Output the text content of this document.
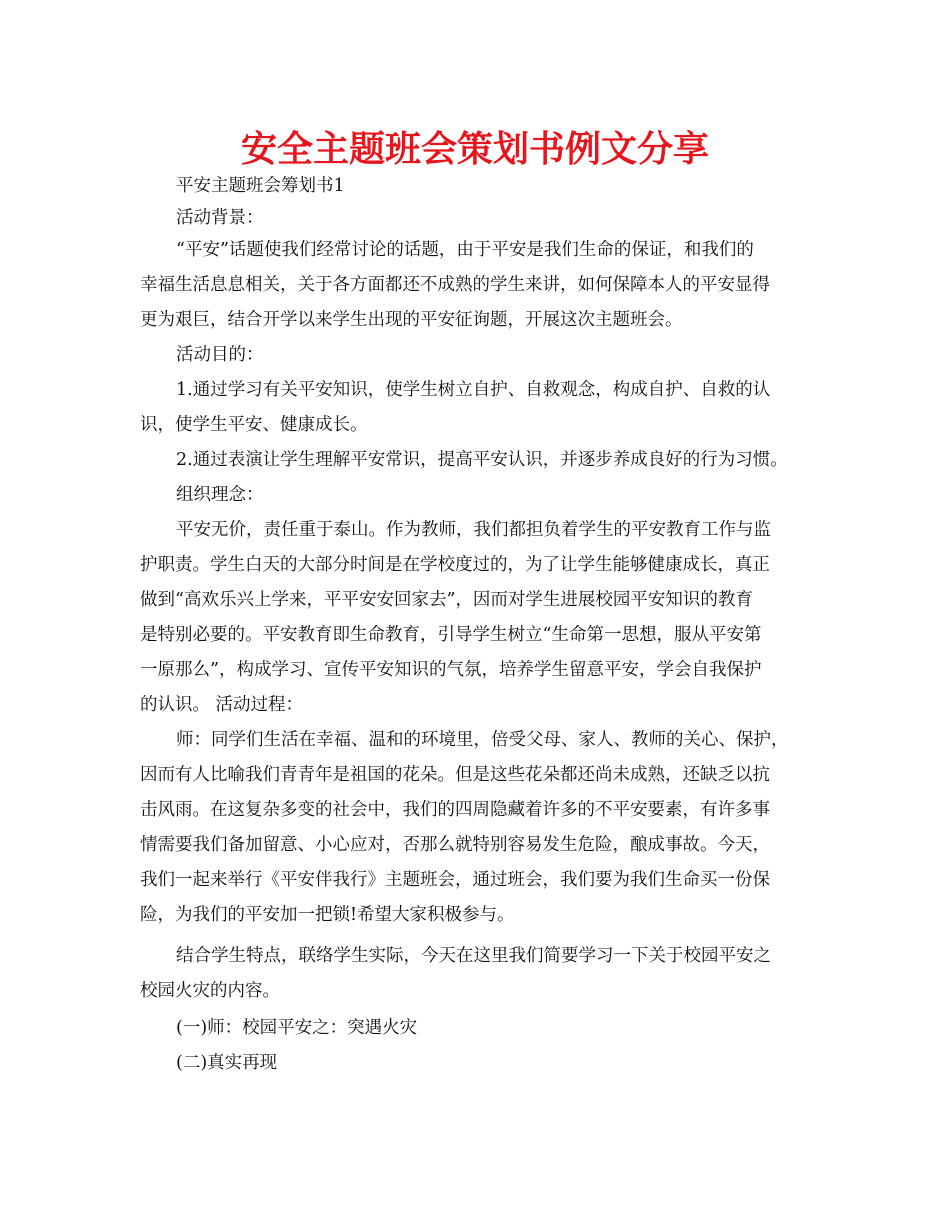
安全主题班会策划书例文分享
平安主题班会筹划书1
活动背景：
“平安”话题使我们经常讨论的话题，由于平安是我们生命的保证，和我们的
幸福生活息息相关，关于各方面都还不成熟的学生来讲，如何保障本人的平安显得
更为艰巨，结合开学以来学生出现的平安征询题，开展这次主题班会。
活动目的：
1.通过学习有关平安知识，使学生树立自护、自救观念，构成自护、自救的认
识，使学生平安、健康成长。
2.通过表演让学生理解平安常识，提高平安认识，并逐步养成良好的行为习惯。
组织理念：
平安无价，责任重于泰山。作为教师，我们都担负着学生的平安教育工作与监
护职责。学生白天的大部分时间是在学校度过的，为了让学生能够健康成长，真正
做到“高欢乐兴上学来，平平安安回家去”，因而对学生进展校园平安知识的教育
是特别必要的。平安教育即生命教育，引导学生树立“生命第一思想，服从平安第
一原那么”，构成学习、宣传平安知识的气氛，培养学生留意平安，学会自我保护
的认识。 活动过程：
师：同学们生活在幸福、温和的环境里，倍受父母、家人、教师的关心、保护，
因而有人比喻我们青青年是祖国的花朵。但是这些花朵都还尚未成熟，还缺乏以抗
击风雨。在这复杂多变的社会中，我们的四周隐藏着许多的不平安要素，有许多事
情需要我们备加留意、小心应对，否那么就特别容易发生危险，酿成事故。今天，
我们一起来举行《平安伴我行》主题班会，通过班会，我们要为我们生命买一份保
险，为我们的平安加一把锁!希望大家积极参与。
结合学生特点，联络学生实际，今天在这里我们简要学习一下关于校园平安之
校园火灾的内容。
(一)师：校园平安之：突遇火灾
(二)真实再现
